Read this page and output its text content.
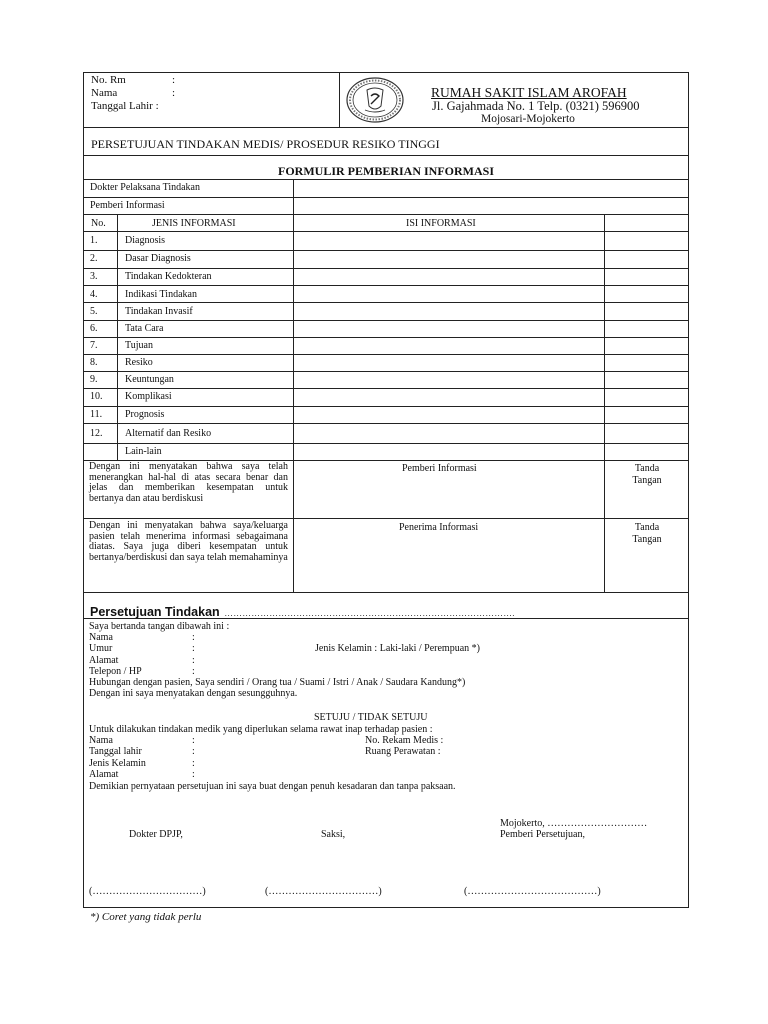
No. Rm	:
Nama	:
Tanggal Lahir :
RUMAH SAKIT ISLAM AROFAH
Jl. Gajahmada No. 1 Telp. (0321) 596900
Mojosari-Mojokerto
PERSETUJUAN TINDAKAN MEDIS/ PROSEDUR RESIKO TINGGI
FORMULIR PEMBERIAN INFORMASI
Dokter Pelaksana Tindakan
Pemberi Informasi
No.	JENIS INFORMASI	ISI INFORMASI
1.	Diagnosis
2.	Dasar Diagnosis
3.	Tindakan Kedokteran
4.	Indikasi Tindakan
5.	Tindakan Invasif
6.	Tata Cara
7.	Tujuan
8.	Resiko
9.	Keuntungan
10. Komplikasi
11. Prognosis
12. Alternatif dan Resiko
Lain-lain
Dengan ini menyatakan bahwa saya telah menerangkan hal-hal di atas secara benar dan jelas dan memberikan kesempatan untuk bertanya dan atau berdiskusi
Pemberi Informasi	Tanda
Tangan
Dengan ini menyatakan bahwa saya/keluarga pasien telah menerima informasi sebagaimana diatas. Saya juga diberi kesempatan untuk bertanya/berdiskusi dan saya telah memahaminya
Penerima Informasi	Tanda
Tangan
Persetujuan Tindakan …………………………………………………………………………………….
Saya bertanda tangan dibawah ini :
Nama	:
Umur	:	Jenis Kelamin : Laki-laki / Perempuan *)
Alamat	:
Telepon / HP	:
Hubungan dengan pasien, Saya sendiri / Orang tua / Suami / Istri / Anak / Saudara Kandung*)
Dengan ini saya menyatakan dengan sesungguhnya.
SETUJU / TIDAK SETUJU
Untuk dilakukan tindakan medik yang diperlukan selama rawat inap terhadap pasien :
Nama	:	No. Rekam Medis :
Tanggal lahir	:	Ruang Perawatan :
Jenis Kelamin	:
Alamat	:
Demikian pernyataan persetujuan ini saya buat dengan penuh kesadaran dan tanpa paksaan.
Mojokerto, …………………………
Dokter DPJP,	Saksi,	Pemberi Persetujuan,
(……………………………)	(……………………………)	(…………………………………)
*) Coret yang tidak perlu
